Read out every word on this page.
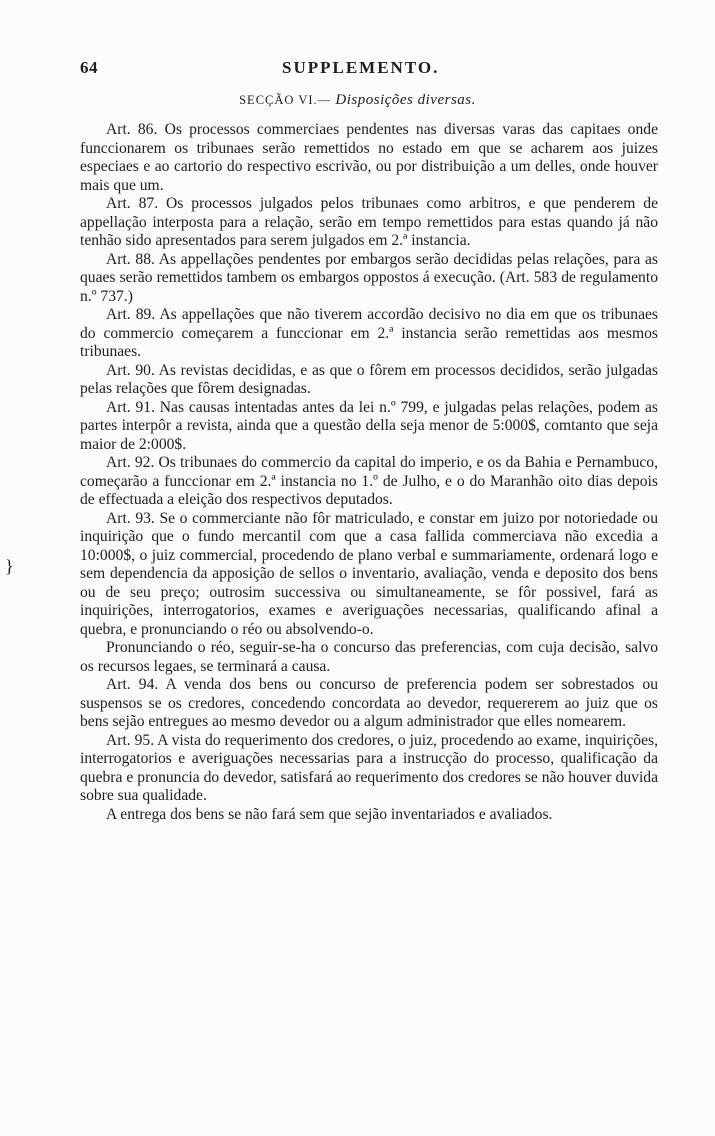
64	SUPPLEMENTO.
SECÇÃO VI.— Disposições diversas.
}

Art. 86. Os processos commerciaes pendentes nas diversas varas das capitaes onde funccionarem os tribunaes serão remettidos no estado em que se acharem aos juizes especiaes e ao cartorio do respectivo escrivão, ou por distribuição a um delles, onde houver mais que um.

Art. 87. Os processos julgados pelos tribunaes como arbitros, e que penderem de appellação interposta para a relação, serão em tempo remettidos para estas quando já não tenhão sido apresentados para serem julgados em 2.ª instancia.

Art. 88. As appellações pendentes por embargos serão decididas pelas relações, para as quaes serão remettidos tambem os embargos oppostos á execução. (Art. 583 de regulamento n.º 737.)

Art. 89. As appellações que não tiverem accordão decisivo no dia em que os tribunaes do commercio começarem a funccionar em 2.ª instancia serão remettidas aos mesmos tribunaes.

Art. 90. As revistas decididas, e as que o fôrem em processos decididos, serão julgadas pelas relações que fôrem designadas.

Art. 91. Nas causas intentadas antes da lei n.º 799, e julgadas pelas relações, podem as partes interpôr a revista, ainda que a questão della seja menor de 5:000$, comtanto que seja maior de 2:000$.

Art. 92. Os tribunaes do commercio da capital do imperio, e os da Bahia e Pernambuco, começarão a funccionar em 2.ª instancia no 1.º de Julho, e o do Maranhão oito dias depois de effectuada a eleição dos respectivos deputados.

Art. 93. Se o commerciante não fôr matriculado, e constar em juizo por notoriedade ou inquirição que o fundo mercantil com que a casa fallida commerciava não excedia a 10:000$, o juiz commercial, procedendo de plano verbal e summariamente, ordenará logo e sem dependencia da apposição de sellos o inventario, avaliação, venda e deposito dos bens ou de seu preço; outrosim successiva ou simultaneamente, se fôr possivel, fará as inquirições, interrogatorios, exames e averiguações necessarias, qualificando afinal a quebra, e pronunciando o réo ou absolvendo-o.

Pronunciando o réo, seguir-se-ha o concurso das preferencias, com cuja decisão, salvo os recursos legaes, se terminará a causa.

Art. 94. A venda dos bens ou concurso de preferencia podem ser sobrestados ou suspensos se os credores, concedendo concordata ao devedor, requererem ao juiz que os bens sejão entregues ao mesmo devedor ou a algum administrador que elles nomearem.

Art. 95. A vista do requerimento dos credores, o juiz, procedendo ao exame, inquirições, interrogatorios e averiguações necessarias para a instrucção do processo, qualificação da quebra e pronuncia do devedor, satisfará ao requerimento dos credores se não houver duvida sobre sua qualidade.

A entrega dos bens se não fará sem que sejão inventariados e avaliados.
